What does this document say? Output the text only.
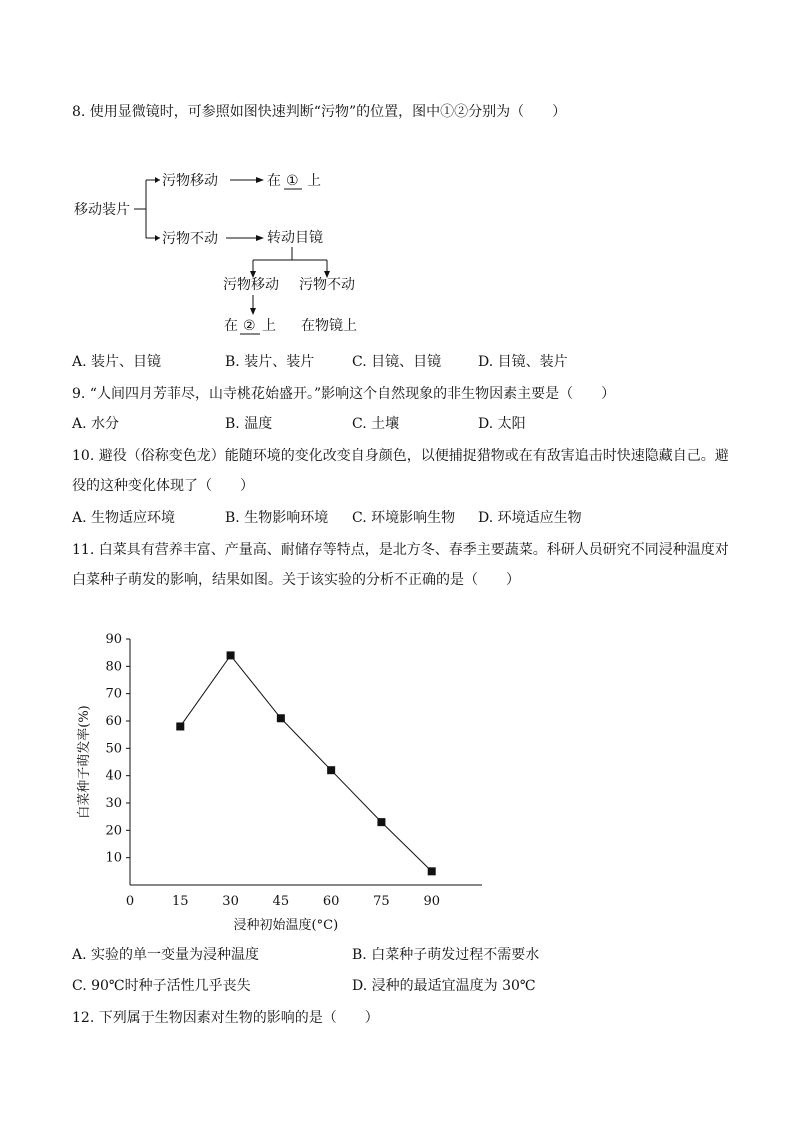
8. 使用显微镜时，可参照如图快速判断“污物”的位置，图中①②分别为（　　）
移动装片
污物移动	在 ① 上
污物不动	转动目镜
污物移动 污物不动
在 ② 上 在物镜上
A. 装片、目镜	B. 装片、装片	C. 目镜、目镜	D. 目镜、装片
9. “人间四月芳菲尽，山寺桃花始盛开。”影响这个自然现象的非生物因素主要是（　　）
A. 水分	B. 温度	C. 土壤	D. 太阳
10. 避役（俗称变色龙）能随环境的变化改变自身颜色，以便捕捉猎物或在有敌害追击时快速隐藏自己。避
役的这种变化体现了（　　）
A. 生物适应环境	B. 生物影响环境 C. 环境影响生物 D. 环境适应生物
11. 白菜具有营养丰富、产量高、耐储存等特点，是北方冬、春季主要蔬菜。科研人员研究不同浸种温度对
白菜种子萌发的影响，结果如图。关于该实验的分析不正确的是（　　）
10
20
30
40
50
60
70
80
90
0	15	30	45	60	75	90
浸种初始温度(°C)
白菜种子萌发率(%)
A. 实验的单一变量为浸种温度	B. 白菜种子萌发过程不需要水
C. 90℃时种子活性几乎丧失	D. 浸种的最适宜温度为 30℃
12. 下列属于生物因素对生物的影响的是（　　）
